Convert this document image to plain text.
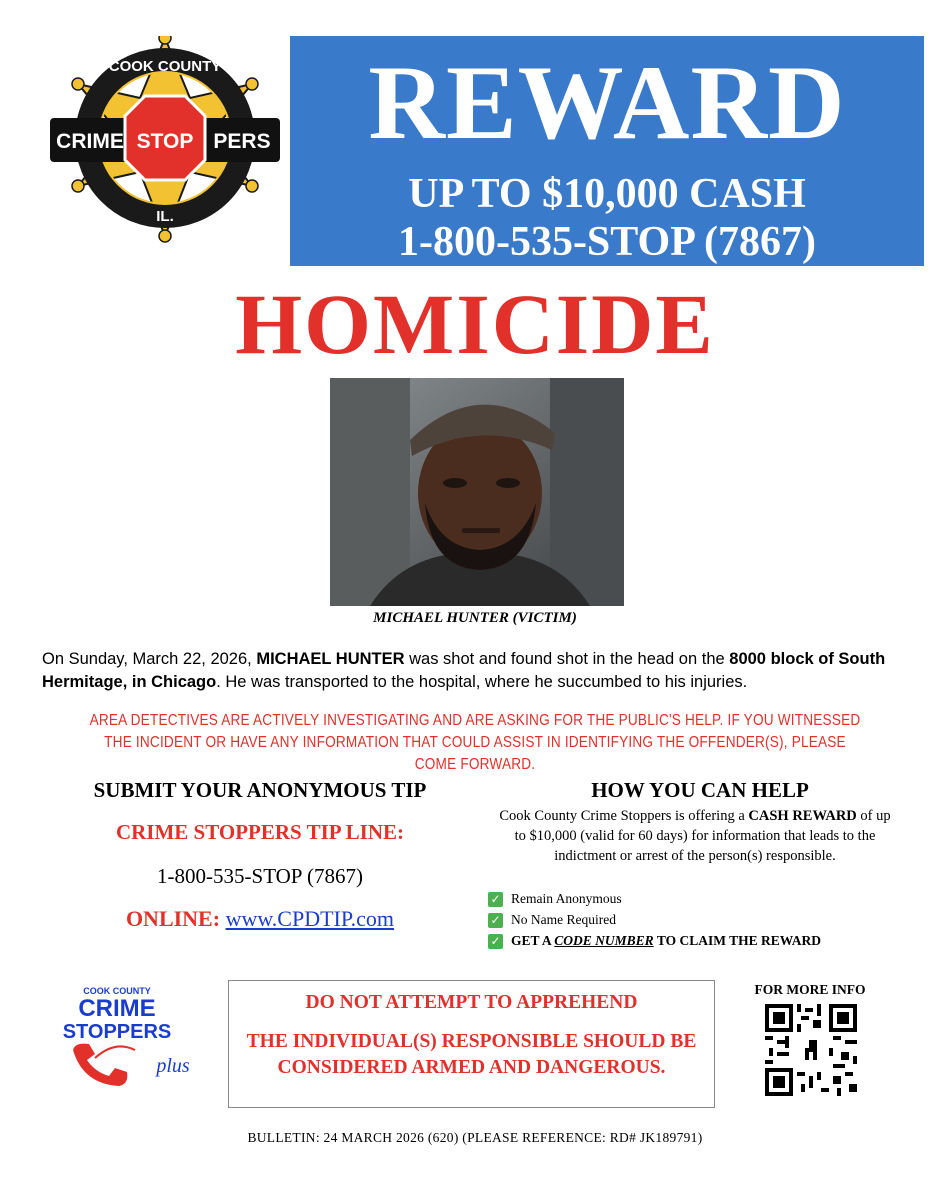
COOK COUNTY
IL.
CRIME STOP PERS REWARD
UP TO $10,000 CASH
1-800-535-STOP (7867)
HOMICIDE
MICHAEL HUNTER (VICTIM)
On Sunday, March 22, 2026, MICHAEL HUNTER was shot and found shot in the head on the 8000 block of South Hermitage, in Chicago. He was transported to the hospital, where he succumbed to his injuries.
AREA DETECTIVES ARE ACTIVELY INVESTIGATING AND ARE ASKING FOR THE PUBLIC'S HELP. IF YOU WITNESSED THE INCIDENT OR HAVE ANY INFORMATION THAT COULD ASSIST IN IDENTIFYING THE OFFENDER(S), PLEASE COME FORWARD.
SUBMIT YOUR ANONYMOUS TIP
CRIME STOPPERS TIP LINE:
1-800-535-STOP (7867)
ONLINE: www.CPDTIP.com
HOW YOU CAN HELP
Cook County Crime Stoppers is offering a CASH REWARD of up to $10,000 (valid for 60 days) for information that leads to the indictment or arrest of the person(s) responsible.
✓ Remain Anonymous
✓ No Name Required
✓ GET A CODE NUMBER TO CLAIM THE REWARD
COOK COUNTY
CRIME
STOPPERS
plus
DO NOT ATTEMPT TO APPREHEND
THE INDIVIDUAL(S) RESPONSIBLE SHOULD BE CONSIDERED ARMED AND DANGEROUS.
FOR MORE INFO
BULLETIN: 24 MARCH 2026 (620) (PLEASE REFERENCE: RD# JK189791)
